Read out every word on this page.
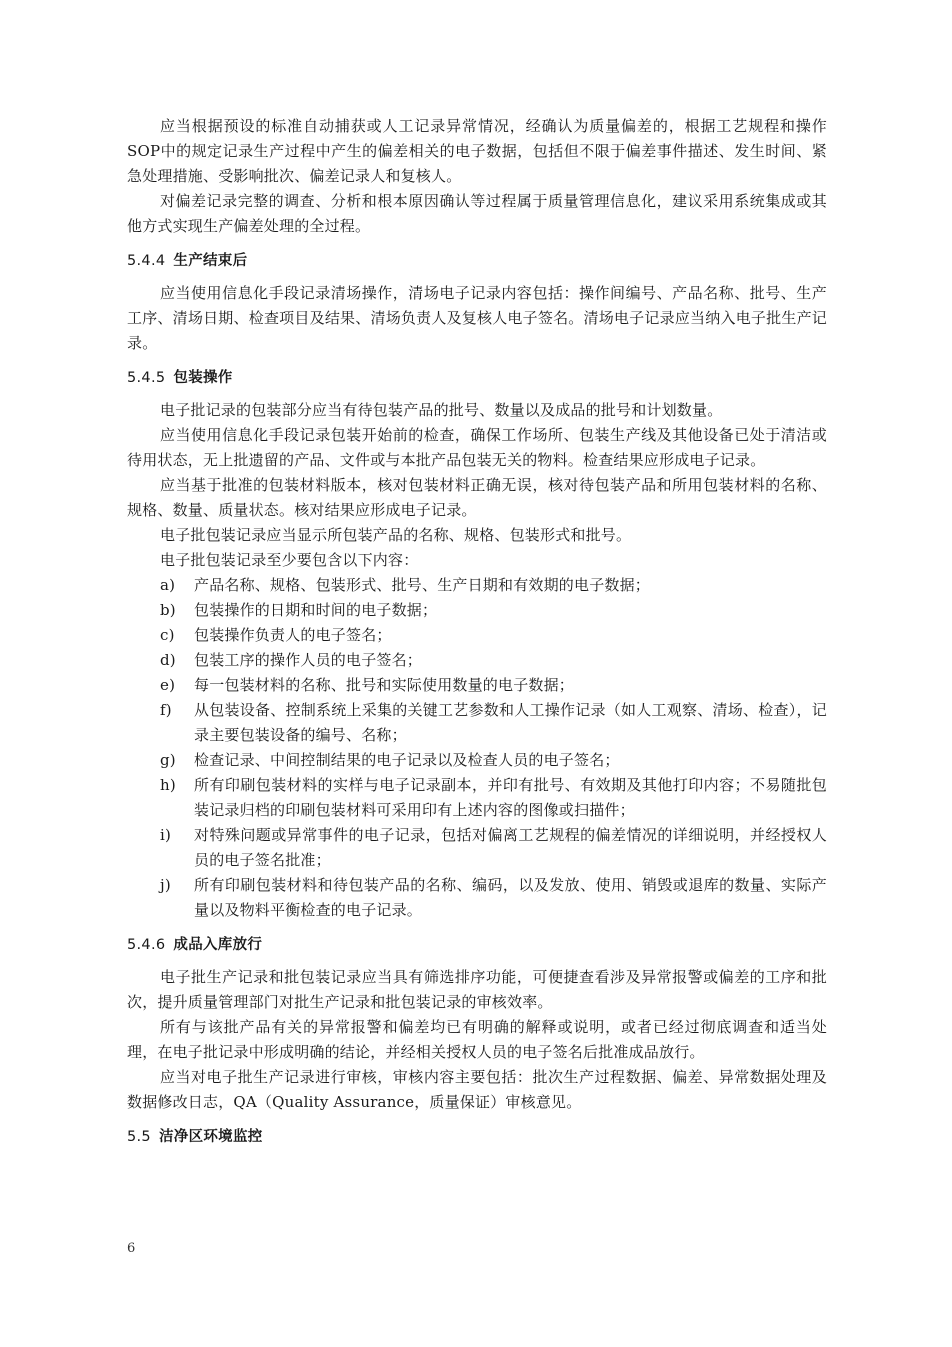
应当根据预设的标准自动捕获或人工记录异常情况，经确认为质量偏差的，根据工艺规程和操作SOP中的规定记录生产过程中产生的偏差相关的电子数据，包括但不限于偏差事件描述、发生时间、紧急处理措施、受影响批次、偏差记录人和复核人。

对偏差记录完整的调查、分析和根本原因确认等过程属于质量管理信息化，建议采用系统集成或其他方式实现生产偏差处理的全过程。

5.4.4 生产结束后

应当使用信息化手段记录清场操作，清场电子记录内容包括：操作间编号、产品名称、批号、生产工序、清场日期、检查项目及结果、清场负责人及复核人电子签名。清场电子记录应当纳入电子批生产记录。

5.4.5 包装操作

电子批记录的包装部分应当有待包装产品的批号、数量以及成品的批号和计划数量。

应当使用信息化手段记录包装开始前的检查，确保工作场所、包装生产线及其他设备已处于清洁或待用状态，无上批遗留的产品、文件或与本批产品包装无关的物料。检查结果应形成电子记录。

应当基于批准的包装材料版本，核对包装材料正确无误，核对待包装产品和所用包装材料的名称、规格、数量、质量状态。核对结果应形成电子记录。

电子批包装记录应当显示所包装产品的名称、规格、包装形式和批号。

电子批包装记录至少要包含以下内容：

a)	产品名称、规格、包装形式、批号、生产日期和有效期的电子数据；
b)	包装操作的日期和时间的电子数据；
c)	包装操作负责人的电子签名；
d)	包装工序的操作人员的电子签名；
e)	每一包装材料的名称、批号和实际使用数量的电子数据；
f)	从包装设备、控制系统上采集的关键工艺参数和人工操作记录（如人工观察、清场、检查），记录主要包装设备的编号、名称；
g)	检查记录、中间控制结果的电子记录以及检查人员的电子签名；
h)	所有印刷包装材料的实样与电子记录副本，并印有批号、有效期及其他打印内容；不易随批包装记录归档的印刷包装材料可采用印有上述内容的图像或扫描件；
i)	对特殊问题或异常事件的电子记录，包括对偏离工艺规程的偏差情况的详细说明，并经授权人员的电子签名批准；
j)	所有印刷包装材料和待包装产品的名称、编码，以及发放、使用、销毁或退库的数量、实际产量以及物料平衡检查的电子记录。
5.4.6 成品入库放行

电子批生产记录和批包装记录应当具有筛选排序功能，可便捷查看涉及异常报警或偏差的工序和批次，提升质量管理部门对批生产记录和批包装记录的审核效率。

所有与该批产品有关的异常报警和偏差均已有明确的解释或说明，或者已经过彻底调查和适当处理，在电子批记录中形成明确的结论，并经相关授权人员的电子签名后批准成品放行。

应当对电子批生产记录进行审核，审核内容主要包括：批次生产过程数据、偏差、异常数据处理及数据修改日志，QA（Quality Assurance，质量保证）审核意见。

5.5 洁净区环境监控
6
